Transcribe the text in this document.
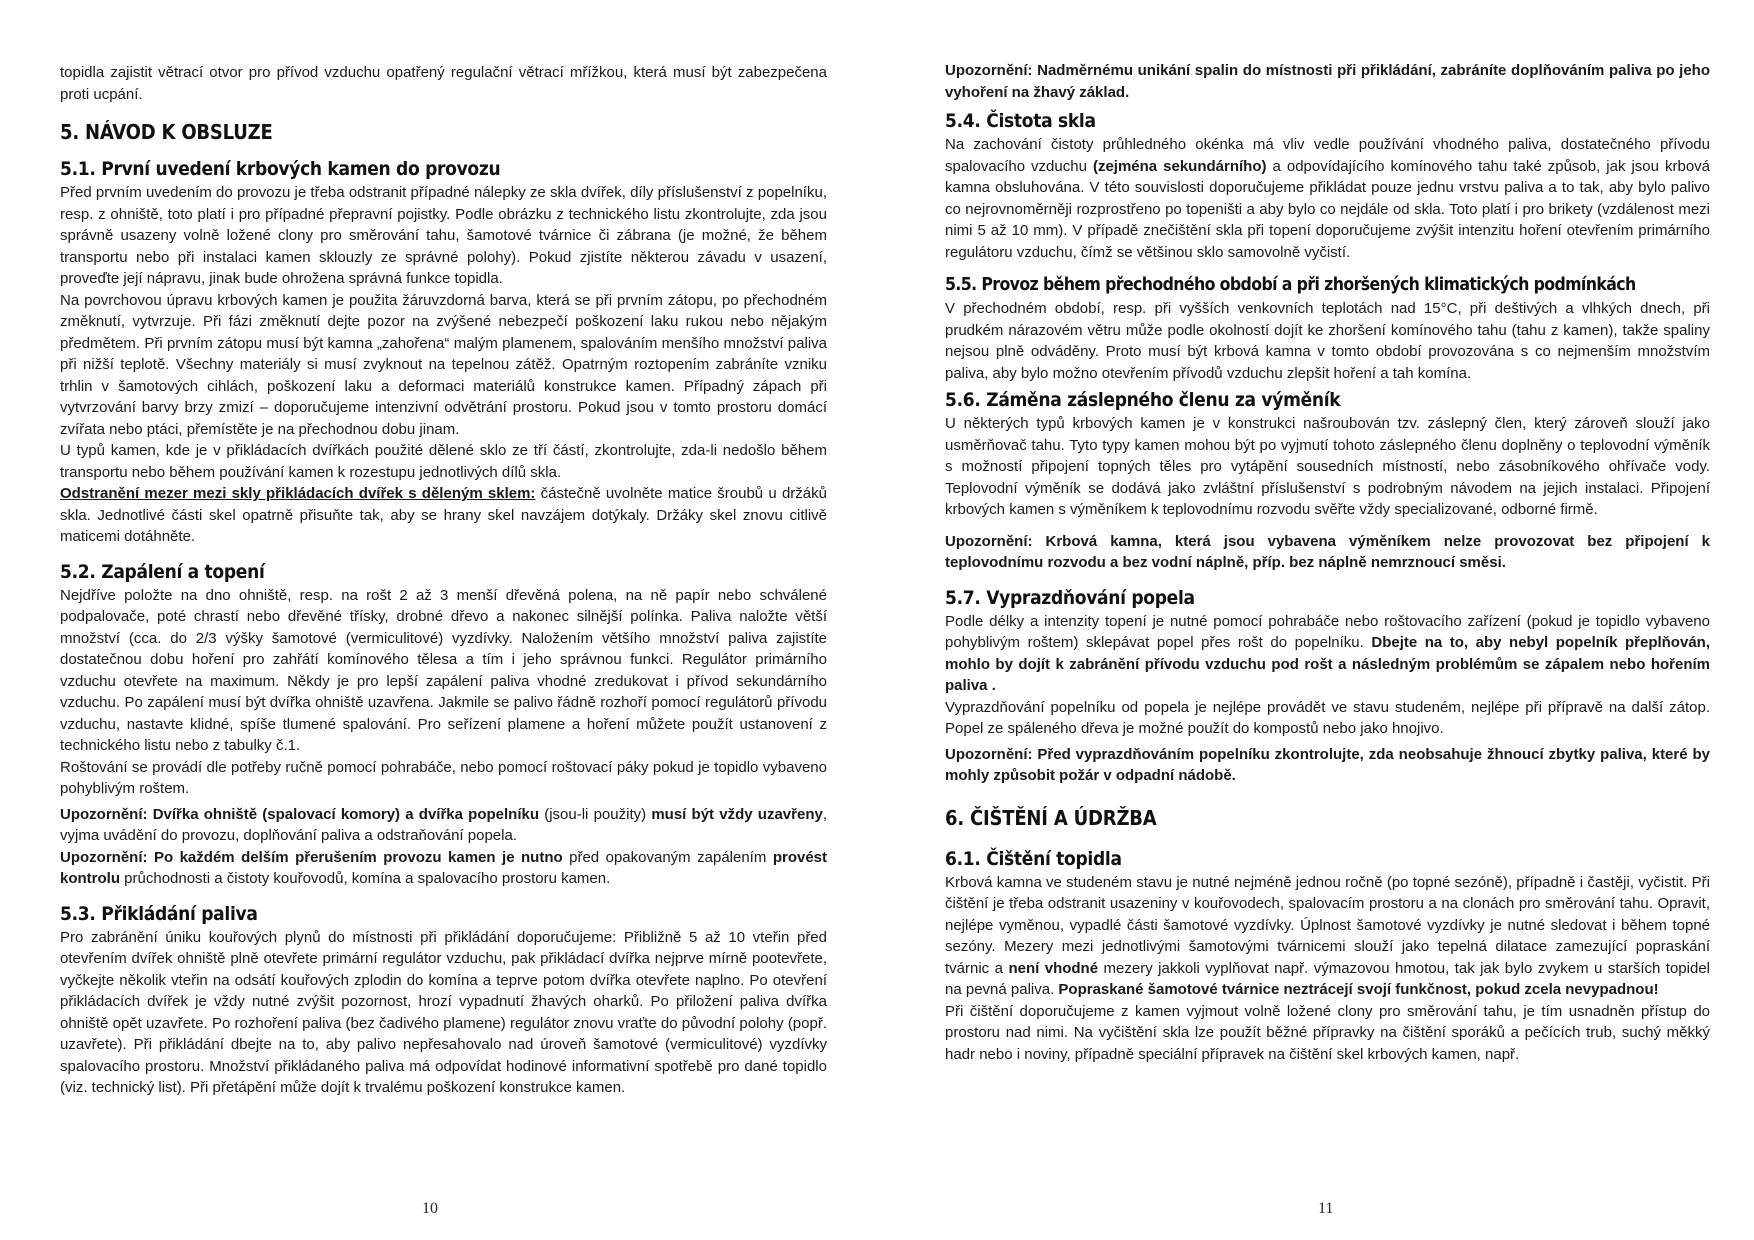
topidla zajistit větrací otvor pro přívod vzduchu opatřený regulační větrací mřížkou, která musí být zabezpečena proti ucpání.

5. NÁVOD K OBSLUZE
5.1. První uvedení krbových kamen do provozu

Před prvním uvedením do provozu je třeba odstranit případné nálepky ze skla dvířek, díly příslušenství z popelníku, resp. z ohniště, toto platí i pro případné přepravní pojistky. Podle obrázku z technického listu zkontrolujte, zda jsou správně usazeny volně ložené clony pro směrování tahu, šamotové tvárnice či zábrana (je možné, že během transportu nebo při instalaci kamen sklouzly ze správné polohy). Pokud zjistíte některou závadu v usazení, proveďte její nápravu, jinak bude ohrožena správná funkce topidla.

Na povrchovou úpravu krbových kamen je použita žáruvzdorná barva, která se při prvním zátopu, po přechodném změknutí, vytvrzuje. Při fázi změknutí dejte pozor na zvýšené nebezpečí poškození laku rukou nebo nějakým předmětem. Při prvním zátopu musí být kamna „zahořena“ malým plamenem, spalováním menšího množství paliva při nižší teplotě. Všechny materiály si musí zvyknout na tepelnou zátěž. Opatrným roztopením zabráníte vzniku trhlin v šamotových cihlách, poškození laku a deformaci materiálů konstrukce kamen. Případný zápach při vytvrzování barvy brzy zmizí – doporučujeme intenzivní odvětrání prostoru. Pokud jsou v tomto prostoru domácí zvířata nebo ptáci, přemístěte je na přechodnou dobu jinam.

U typů kamen, kde je v přikládacích dvířkách použité dělené sklo ze tří částí, zkontrolujte, zda-li nedošlo během transportu nebo během používání kamen k rozestupu jednotlivých dílů skla.

Odstranění mezer mezi skly přikládacích dvířek s děleným sklem: částečně uvolněte matice šroubů u držáků skla. Jednotlivé části skel opatrně přisuňte tak, aby se hrany skel navzájem dotýkaly. Držáky skel znovu citlivě maticemi dotáhněte.

5.2. Zapálení a topení

Nejdříve položte na dno ohniště, resp. na rošt 2 až 3 menší dřevěná polena, na ně papír nebo schválené podpalovače, poté chrastí nebo dřevěné třísky, drobné dřevo a nakonec silnější polínka. Paliva naložte větší množství (cca. do 2/3 výšky šamotové (vermiculitové) vyzdívky. Naložením většího množství paliva zajistíte dostatečnou dobu hoření pro zahřátí komínového tělesa a tím i jeho správnou funkci. Regulátor primárního vzduchu otevřete na maximum. Někdy je pro lepší zapálení paliva vhodné zredukovat i přívod sekundárního vzduchu. Po zapálení musí být dvířka ohniště uzavřena. Jakmile se palivo řádně rozhoří pomocí regulátorů přívodu vzduchu, nastavte klidné, spíše tlumené spalování. Pro seřízení plamene a hoření můžete použít ustanovení z technického listu nebo z tabulky č.1.

Roštování se provádí dle potřeby ručně pomocí pohrabáče, nebo pomocí roštovací páky pokud je topidlo vybaveno pohyblivým roštem.

Upozornění: Dvířka ohniště (spalovací komory) a dvířka popelníku (jsou-li použity) musí být vždy uzavřeny, vyjma uvádění do provozu, doplňování paliva a odstraňování popela.

Upozornění: Po každém delším přerušením provozu kamen je nutno před opakovaným zapálením provést kontrolu průchodnosti a čistoty kouřovodů, komína a spalovacího prostoru kamen.

5.3. Přikládání paliva

Pro zabránění úniku kouřových plynů do místnosti při přikládání doporučujeme: Přibližně 5 až 10 vteřin před otevřením dvířek ohniště plně otevřete primární regulátor vzduchu, pak přikládací dvířka nejprve mírně pootevřete, vyčkejte několik vteřin na odsátí kouřových zplodin do komína a teprve potom dvířka otevřete naplno. Po otevření přikládacích dvířek je vždy nutné zvýšit pozornost, hrozí vypadnutí žhavých oharků. Po přiložení paliva dvířka ohniště opět uzavřete. Po rozhoření paliva (bez čadivého plamene) regulátor znovu vraťte do původní polohy (popř. uzavřete). Při přikládání dbejte na to, aby palivo nepřesahovalo nad úroveň šamotové (vermiculitové) vyzdívky spalovacího prostoru. Množství přikládaného paliva má odpovídat hodinové informativní spotřebě pro dané topidlo (viz. technický list). Při přetápění může dojít k trvalému poškození konstrukce kamen.

10

Upozornění: Nadměrnému unikání spalin do místnosti při přikládání, zabráníte doplňováním paliva po jeho vyhoření na žhavý základ.

5.4. Čistota skla

Na zachování čistoty průhledného okénka má vliv vedle používání vhodného paliva, dostatečného přívodu spalovacího vzduchu (zejména sekundárního) a odpovídajícího komínového tahu také způsob, jak jsou krbová kamna obsluhována. V této souvislosti doporučujeme přikládat pouze jednu vrstvu paliva a to tak, aby bylo palivo co nejrovnoměrněji rozprostřeno po topeništi a aby bylo co nejdále od skla. Toto platí i pro brikety (vzdálenost mezi nimi 5 až 10 mm). V případě znečištění skla při topení doporučujeme zvýšit intenzitu hoření otevřením primárního regulátoru vzduchu, čímž se většinou sklo samovolně vyčistí.

5.5. Provoz během přechodného období a při zhoršených klimatických podmínkách

V přechodném období, resp. při vyšších venkovních teplotách nad 15°C, při deštivých a vlhkých dnech, při prudkém nárazovém větru může podle okolností dojít ke zhoršení komínového tahu (tahu z kamen), takže spaliny nejsou plně odváděny. Proto musí být krbová kamna v tomto období provozována s co nejmenším množstvím paliva, aby bylo možno otevřením přívodů vzduchu zlepšit hoření a tah komína.

5.6. Záměna záslepného členu za výměník

U některých typů krbových kamen je v konstrukci našroubován tzv. záslepný člen, který zároveň slouží jako usměrňovač tahu. Tyto typy kamen mohou být po vyjmutí tohoto záslepného členu doplněny o teplovodní výměník s možností připojení topných těles pro vytápění sousedních místností, nebo zásobníkového ohřívače vody. Teplovodní výměník se dodává jako zvláštní příslušenství s podrobným návodem na jejich instalaci. Připojení krbových kamen s výměníkem k teplovodnímu rozvodu svěřte vždy specializované, odborné firmě.

Upozornění: Krbová kamna, která jsou vybavena výměníkem nelze provozovat bez připojení k teplovodnímu rozvodu a bez vodní náplně, příp. bez náplně nemrznoucí směsi.

5.7. Vyprazdňování popela

Podle délky a intenzity topení je nutné pomocí pohrabáče nebo roštovacího zařízení (pokud je topidlo vybaveno pohyblivým roštem) sklepávat popel přes rošt do popelníku. Dbejte na to, aby nebyl popelník přeplňován, mohlo by dojít k zabránění přívodu vzduchu pod rošt a následným problémům se zápalem nebo hořením paliva .

Vyprazdňování popelníku od popela je nejlépe provádět ve stavu studeném, nejlépe při přípravě na další zátop. Popel ze spáleného dřeva je možné použít do kompostů nebo jako hnojivo.

Upozornění: Před vyprazdňováním popelníku zkontrolujte, zda neobsahuje žhnoucí zbytky paliva, které by mohly způsobit požár v odpadní nádobě.

6. ČIŠTĚNÍ A ÚDRŽBA
6.1. Čištění topidla

Krbová kamna ve studeném stavu je nutné nejméně jednou ročně (po topné sezóně), případně i častěji, vyčistit. Při čištění je třeba odstranit usazeniny v kouřovodech, spalovacím prostoru a na clonách pro směrování tahu. Opravit, nejlépe vyměnou, vypadlé části šamotové vyzdívky. Úplnost šamotové vyzdívky je nutné sledovat i během topné sezóny. Mezery mezi jednotlivými šamotovými tvárnicemi slouží jako tepelná dilatace zamezující popraskání tvárnic a není vhodné mezery jakkoli vyplňovat např. výmazovou hmotou, tak jak bylo zvykem u starších topidel na pevná paliva. Popraskané šamotové tvárnice neztrácejí svojí funkčnost, pokud zcela nevypadnou!

Při čištění doporučujeme z kamen vyjmout volně ložené clony pro směrování tahu, je tím usnadněn přístup do prostoru nad nimi. Na vyčištění skla lze použít běžné přípravky na čištění sporáků a pečících trub, suchý měkký hadr nebo i noviny, případně speciální přípravek na čištění skel krbových kamen, např.

11
